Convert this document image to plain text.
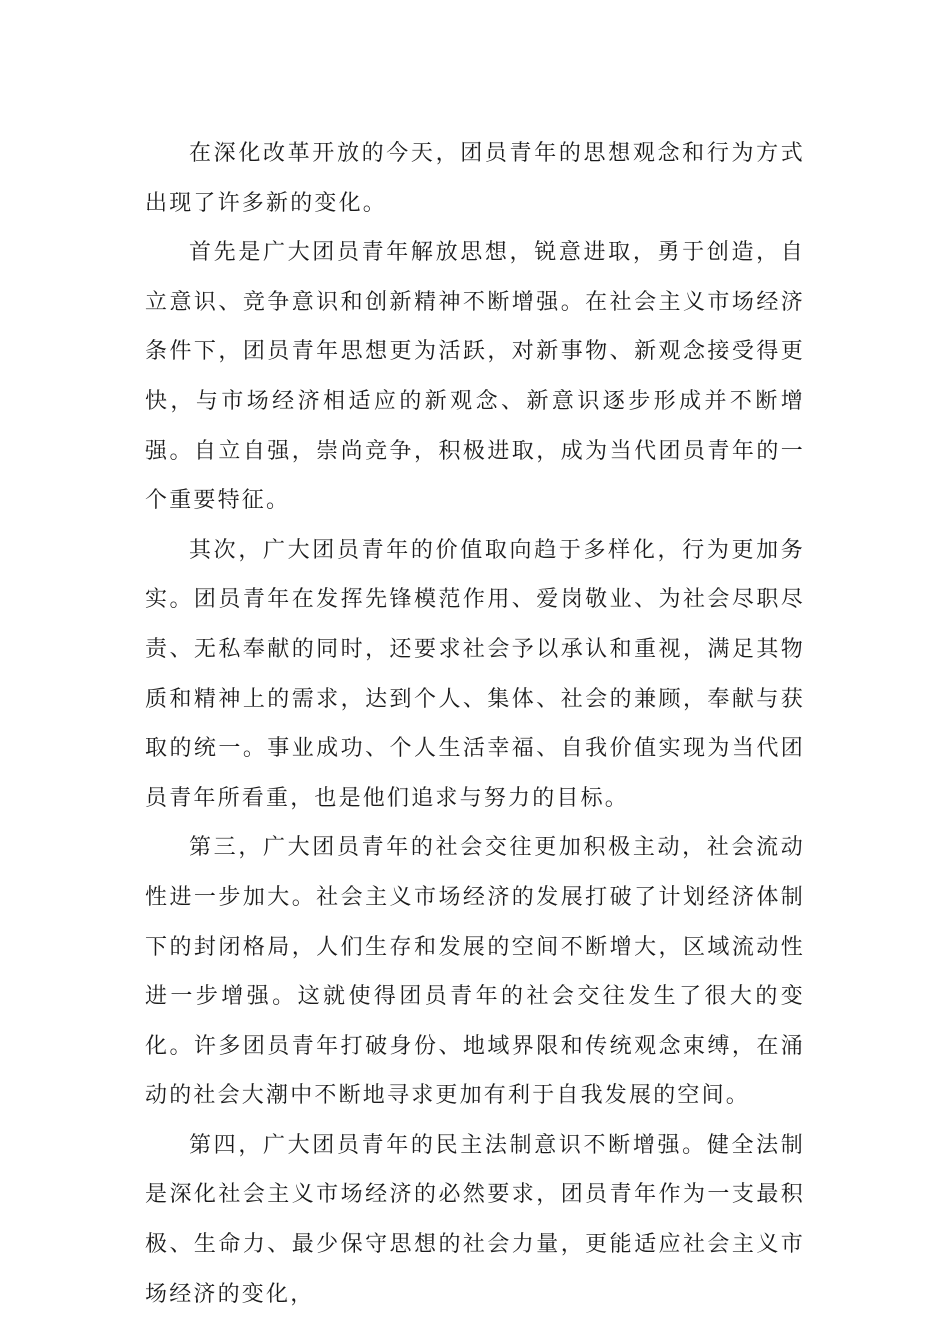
在深化改革开放的今天，团员青年的思想观念和行为方式出现了许多新的变化。

首先是广大团员青年解放思想，锐意进取，勇于创造，自立意识、竞争意识和创新精神不断增强。在社会主义市场经济条件下，团员青年思想更为活跃，对新事物、新观念接受得更快，与市场经济相适应的新观念、新意识逐步形成并不断增强。自立自强，崇尚竞争，积极进取，成为当代团员青年的一个重要特征。

其次，广大团员青年的价值取向趋于多样化，行为更加务实。团员青年在发挥先锋模范作用、爱岗敬业、为社会尽职尽责、无私奉献的同时，还要求社会予以承认和重视，满足其物质和精神上的需求，达到个人、集体、社会的兼顾，奉献与获取的统一。事业成功、个人生活幸福、自我价值实现为当代团员青年所看重，也是他们追求与努力的目标。

第三，广大团员青年的社会交往更加积极主动，社会流动性进一步加大。社会主义市场经济的发展打破了计划经济体制下的封闭格局，人们生存和发展的空间不断增大，区域流动性进一步增强。这就使得团员青年的社会交往发生了很大的变化。许多团员青年打破身份、地域界限和传统观念束缚，在涌动的社会大潮中不断地寻求更加有利于自我发展的空间。

第四，广大团员青年的民主法制意识不断增强。健全法制是深化社会主义市场经济的必然要求，团员青年作为一支最积极、生命力、最少保守思想的社会力量，更能适应社会主义市场经济的变化，
